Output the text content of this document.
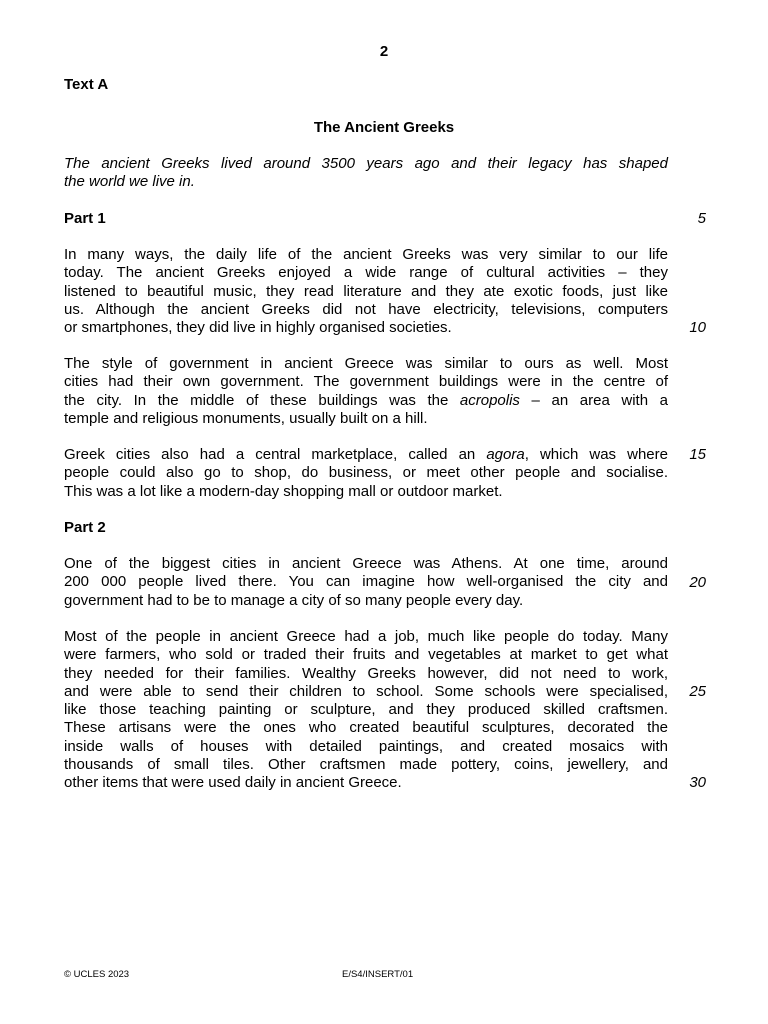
2
Text A
The Ancient Greeks
The ancient Greeks lived around 3500 years ago and their legacy has shaped
the world we live in.
Part 1	5
In many ways, the daily life of the ancient Greeks was very similar to our life
today. The ancient Greeks enjoyed a wide range of cultural activities – they
listened to beautiful music, they read literature and they ate exotic foods, just like
us. Although the ancient Greeks did not have electricity, televisions, computers
or smartphones, they did live in highly organised societies.	10
The style of government in ancient Greece was similar to ours as well. Most
cities had their own government. The government buildings were in the centre of
the city. In the middle of these buildings was the acropolis – an area with a
temple and religious monuments, usually built on a hill.
Greek cities also had a central marketplace, called an agora, which was where
people could also go to shop, do business, or meet other people and socialise.
This was a lot like a modern-day shopping mall or outdoor market.
15
Part 2
One of the biggest cities in ancient Greece was Athens. At one time, around
200 000 people lived there. You can imagine how well-organised the city and
government had to be to manage a city of so many people every day.
20
Most of the people in ancient Greece had a job, much like people do today. Many
were farmers, who sold or traded their fruits and vegetables at market to get what
they needed for their families. Wealthy Greeks however, did not need to work,
and were able to send their children to school. Some schools were specialised,
like those teaching painting or sculpture, and they produced skilled craftsmen.
These artisans were the ones who created beautiful sculptures, decorated the
inside walls of houses with detailed paintings, and created mosaics with
thousands of small tiles. Other craftsmen made pottery, coins, jewellery, and
other items that were used daily in ancient Greece.
25
30
© UCLES 2023	E/S4/INSERT/01
